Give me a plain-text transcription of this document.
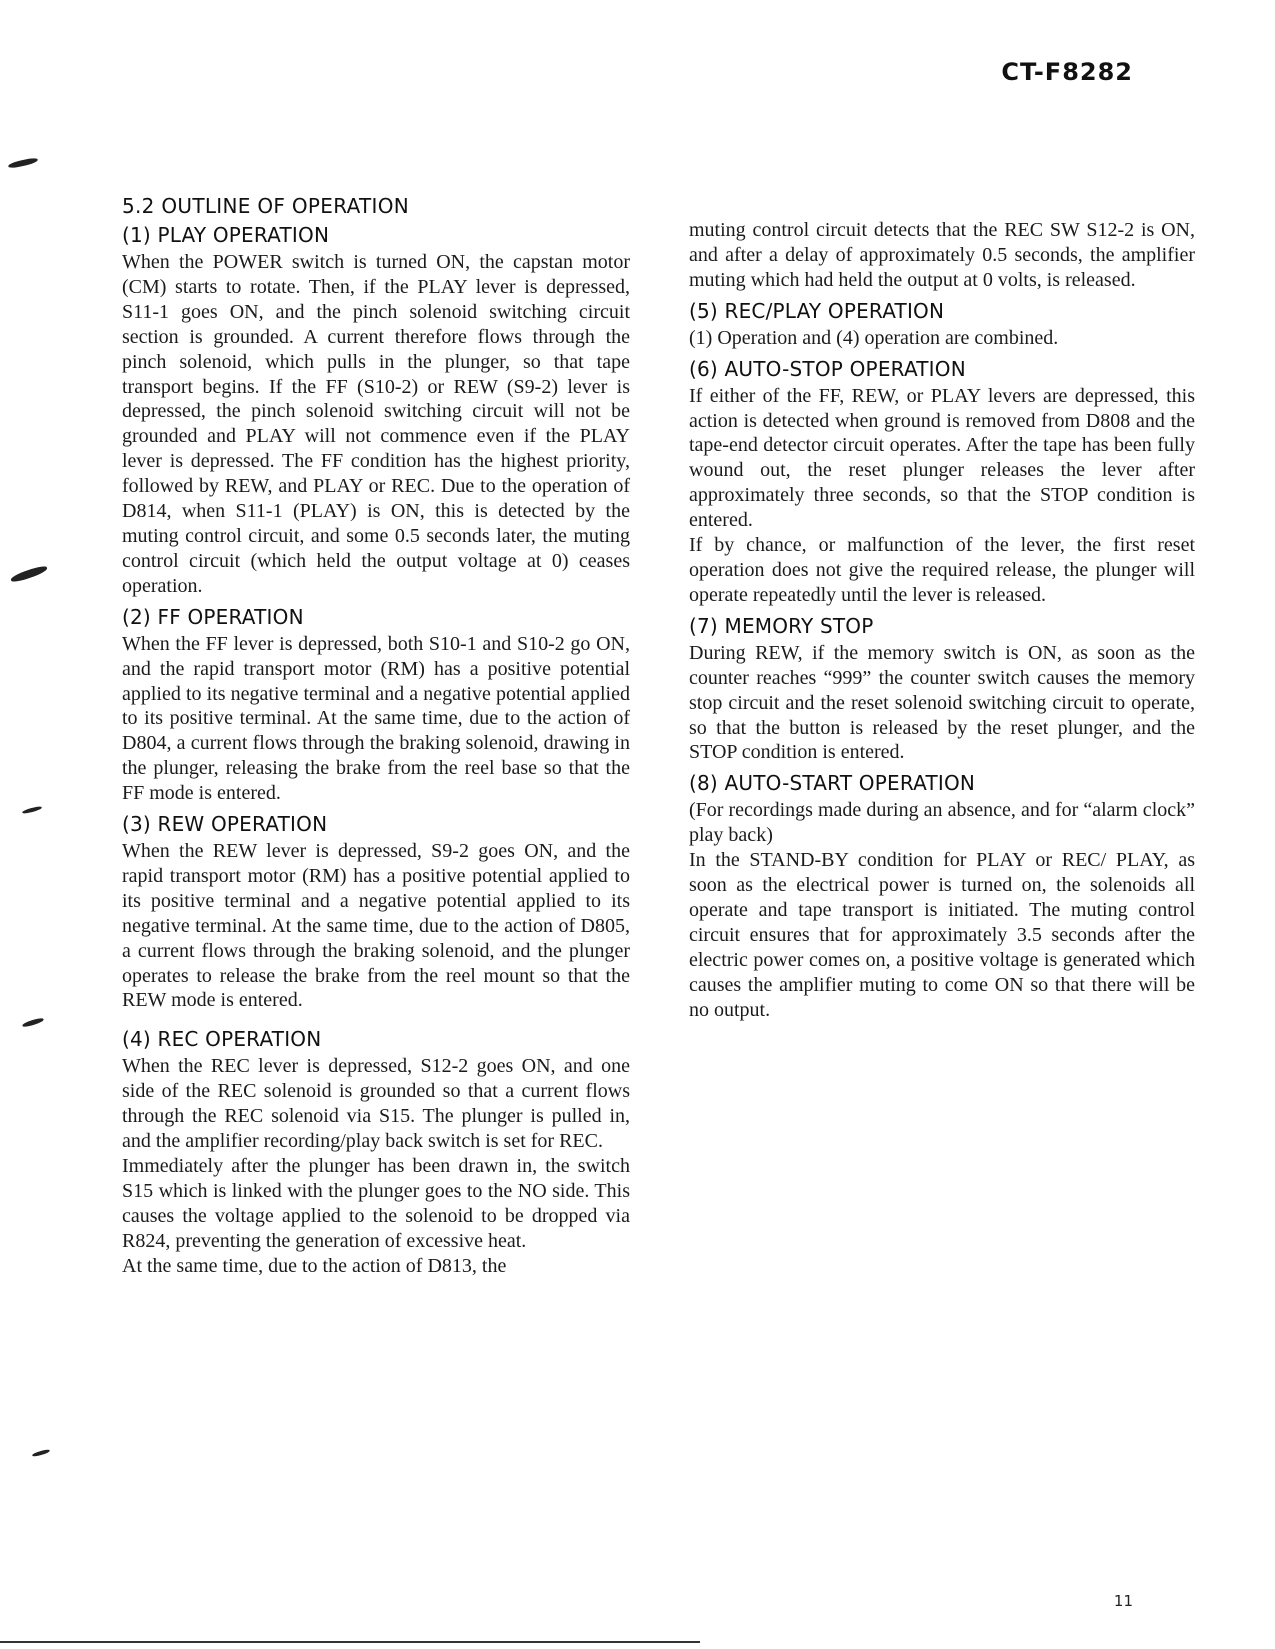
CT-F8282
5.2 OUTLINE OF OPERATION
(1) PLAY OPERATION

When the POWER switch is turned ON, the capstan motor (CM) starts to rotate. Then, if the PLAY lever is depressed, S11-1 goes ON, and the pinch solenoid switching circuit section is grounded. A current therefore flows through the pinch solenoid, which pulls in the plunger, so that tape transport begins. If the FF (S10-2) or REW (S9-2) lever is depressed, the pinch solenoid switching circuit will not be grounded and PLAY will not commence even if the PLAY lever is depressed. The FF condition has the highest priority, followed by REW, and PLAY or REC. Due to the operation of D814, when S11-1 (PLAY) is ON, this is detected by the muting control circuit, and some 0.5 seconds later, the muting control circuit (which held the output voltage at 0) ceases operation.

(2) FF OPERATION

When the FF lever is depressed, both S10-1 and S10-2 go ON, and the rapid transport motor (RM) has a positive potential applied to its negative terminal and a negative potential applied to its positive terminal. At the same time, due to the action of D804, a current flows through the braking solenoid, drawing in the plunger, releasing the brake from the reel base so that the FF mode is entered.

(3) REW OPERATION

When the REW lever is depressed, S9-2 goes ON, and the rapid transport motor (RM) has a positive potential applied to its positive terminal and a negative potential applied to its negative terminal. At the same time, due to the action of D805, a current flows through the braking solenoid, and the plunger operates to release the brake from the reel mount so that the REW mode is entered.

(4) REC OPERATION

When the REC lever is depressed, S12-2 goes ON, and one side of the REC solenoid is grounded so that a current flows through the REC solenoid via S15. The plunger is pulled in, and the amplifier recording/play back switch is set for REC.

Immediately after the plunger has been drawn in, the switch S15 which is linked with the plunger goes to the NO side. This causes the voltage applied to the solenoid to be dropped via R824, preventing the generation of excessive heat.

At the same time, due to the action of D813, the

muting control circuit detects that the REC SW S12-2 is ON, and after a delay of approximately 0.5 seconds, the amplifier muting which had held the output at 0 volts, is released.

(5) REC/PLAY OPERATION

(1) Operation and (4) operation are combined.

(6) AUTO-STOP OPERATION

If either of the FF, REW, or PLAY levers are depressed, this action is detected when ground is removed from D808 and the tape-end detector circuit operates. After the tape has been fully wound out, the reset plunger releases the lever after approximately three seconds, so that the STOP condition is entered.

If by chance, or malfunction of the lever, the first reset operation does not give the required release, the plunger will operate repeatedly until the lever is released.

(7) MEMORY STOP

During REW, if the memory switch is ON, as soon as the counter reaches “999” the counter switch causes the memory stop circuit and the reset solenoid switching circuit to operate, so that the button is released by the reset plunger, and the STOP condition is entered.

(8) AUTO-START OPERATION

(For recordings made during an absence, and for “alarm clock” play back)

In the STAND-BY condition for PLAY or REC/ PLAY, as soon as the electrical power is turned on, the solenoids all operate and tape transport is initiated. The muting control circuit ensures that for approximately 3.5 seconds after the electric power comes on, a positive voltage is generated which causes the amplifier muting to come ON so that there will be no output.

11
